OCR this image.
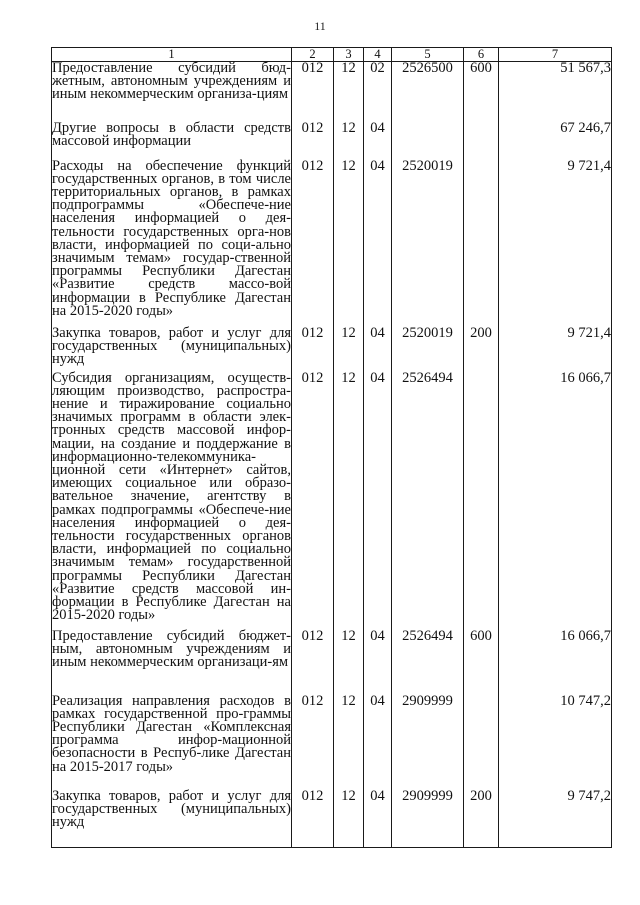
11
1	2	3	4	5	6	7

Предоставление субсидий бюд-жетным, автономным учреждениям и иным некоммерческим организа-циям	012	12	02	2526500	600	51 567,3

Другие вопросы в области средств массовой информации	012	12	04			67 246,7

Расходы на обеспечение функций государственных органов, в том числе территориальных органов, в рамках подпрограммы «Обеспече-ние населения информацией о дея-тельности государственных орга-нов власти, информацией по соци-ально значимым темам» государ-ственной программы Республики Дагестан «Развитие средств массо-вой информации в Республике Дагестан на 2015-2020 годы»	012	12	04	2520019		9 721,4

Закупка товаров, работ и услуг для государственных (муниципальных) нужд	012	12	04	2520019	200	9 721,4

Субсидия организациям, осуществ-ляющим производство, распростра-нение и тиражирование социально значимых программ в области элек-тронных средств массовой инфор-мации, на создание и поддержание в информационно-телекоммуника-ционной сети «Интернет» сайтов, имеющих социальное или образо-вательное значение, агентству в рамках подпрограммы «Обеспече-ние населения информацией о дея-тельности государственных органов власти, информацией по социально значимым темам» государственной программы Республики Дагестан «Развитие средств массовой ин-формации в Республике Дагестан на 2015-2020 годы»	012	12	04	2526494		16 066,7

Предоставление субсидий бюджет-ным, автономным учреждениям и иным некоммерческим организаци-ям	012	12	04	2526494	600	16 066,7

Реализация направления расходов в рамках государственной про-граммы Республики Дагестан «Комплексная программа инфор-мационной безопасности в Респуб-лике Дагестан на 2015-2017 годы»	012	12	04	2909999		10 747,2

Закупка товаров, работ и услуг для государственных (муниципальных) нужд	012	12	04	2909999	200	9 747,2
